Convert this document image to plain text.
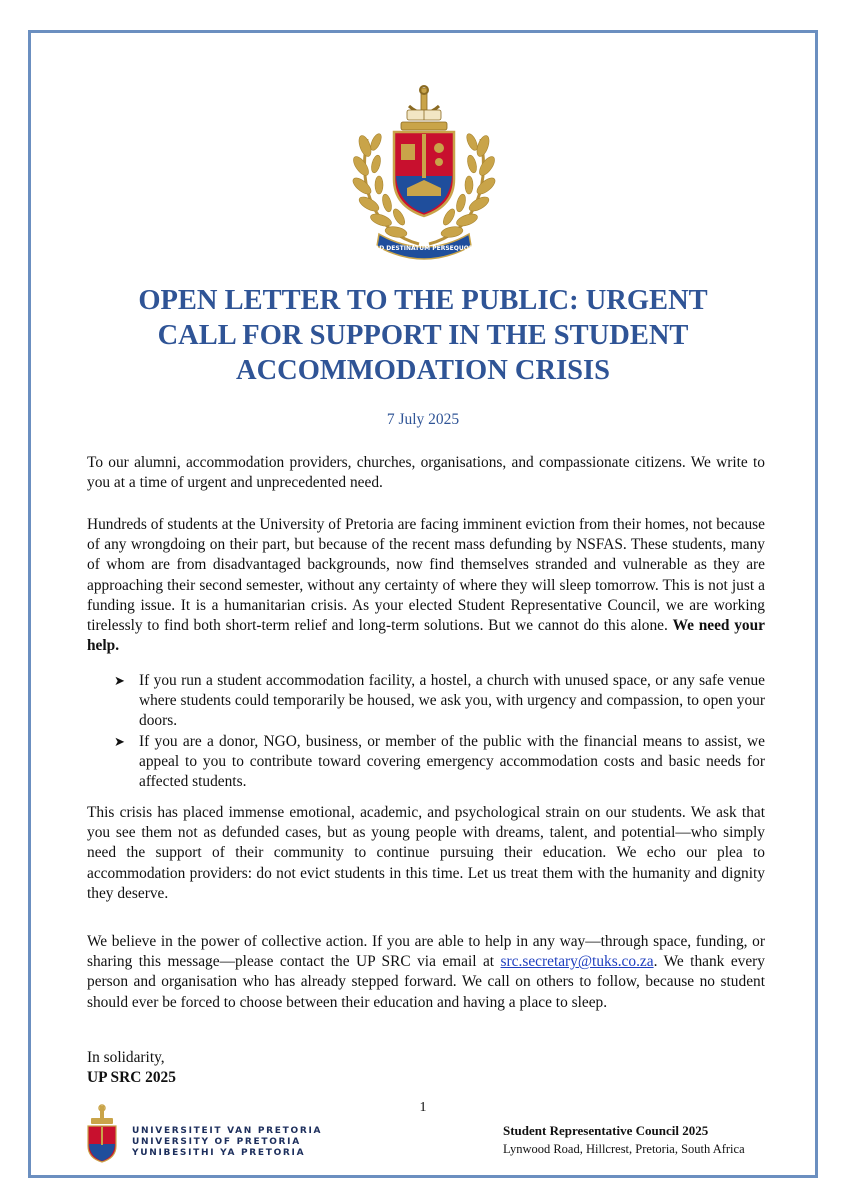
AD DESTINATUM PERSEQUOR
OPEN LETTER TO THE PUBLIC: URGENT
CALL FOR SUPPORT IN THE STUDENT
ACCOMMODATION CRISIS
7 July 2025

To our alumni, accommodation providers, churches, organisations, and compassionate citizens. We write to you at a time of urgent and unprecedented need.

Hundreds of students at the University of Pretoria are facing imminent eviction from their homes, not because of any wrongdoing on their part, but because of the recent mass defunding by NSFAS. These students, many of whom are from disadvantaged backgrounds, now find themselves stranded and vulnerable as they are approaching their second semester, without any certainty of where they will sleep tomorrow. This is not just a funding issue. It is a humanitarian crisis. As your elected Student Representative Council, we are working tirelessly to find both short-term relief and long-term solutions. But we cannot do this alone. We need your help.

➤ If you run a student accommodation facility, a hostel, a church with unused space, or any safe venue where students could temporarily be housed, we ask you, with urgency and compassion, to open your doors.
➤ If you are a donor, NGO, business, or member of the public with the financial means to assist, we appeal to you to contribute toward covering emergency accommodation costs and basic needs for affected students.

This crisis has placed immense emotional, academic, and psychological strain on our students. We ask that you see them not as defunded cases, but as young people with dreams, talent, and potential—who simply need the support of their community to continue pursuing their education. We echo our plea to accommodation providers: do not evict students in this time. Let us treat them with the humanity and dignity they deserve.

We believe in the power of collective action. If you are able to help in any way—through space, funding, or sharing this message—please contact the UP SRC via email at src.secretary@tuks.co.za. We thank every person and organisation who has already stepped forward. We call on others to follow, because no student should ever be forced to choose between their education and having a place to sleep.

In solidarity,
UP SRC 2025
1
UNIVERSITEIT VAN PRETORIA
UNIVERSITY OF PRETORIA
YUNIBESITHI YA PRETORIA
Student Representative Council 2025
Lynwood Road, Hillcrest, Pretoria, South Africa
